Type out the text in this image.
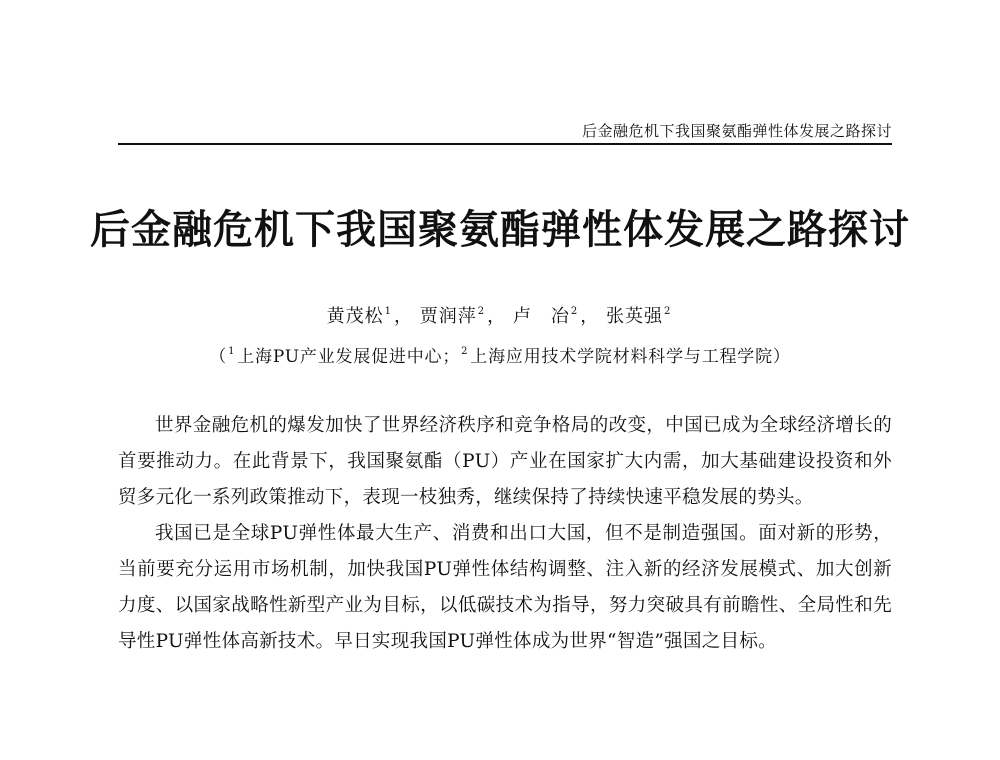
后金融危机下我国聚氨酯弹性体发展之路探讨
后金融危机下我国聚氨酯弹性体发展之路探讨
黄茂松$^1$ ， 贾润萍$^2$ ， 卢　冶$^2$ ， 张英强$^2$
（$^1$ 上海PU产业发展促进中心；$^2$ 上海应用技术学院材料科学与工程学院）

世界金融危机的爆发加快了世界经济秩序和竞争格局的改变，中国已成为全球经济增长的首要推动力。在此背景下，我国聚氨酯（PU）产业在国家扩大内需，加大基础建设投资和外贸多元化一系列政策推动下，表现一枝独秀，继续保持了持续快速平稳发展的势头。

我国已是全球PU弹性体最大生产、消费和出口大国，但不是制造强国。面对新的形势，当前要充分运用市场机制，加快我国PU弹性体结构调整、注入新的经济发展模式、加大创新力度、以国家战略性新型产业为目标，以低碳技术为指导，努力突破具有前瞻性、全局性和先导性PU弹性体高新技术。早日实现我国PU弹性体成为世界“智造”强国之目标。
